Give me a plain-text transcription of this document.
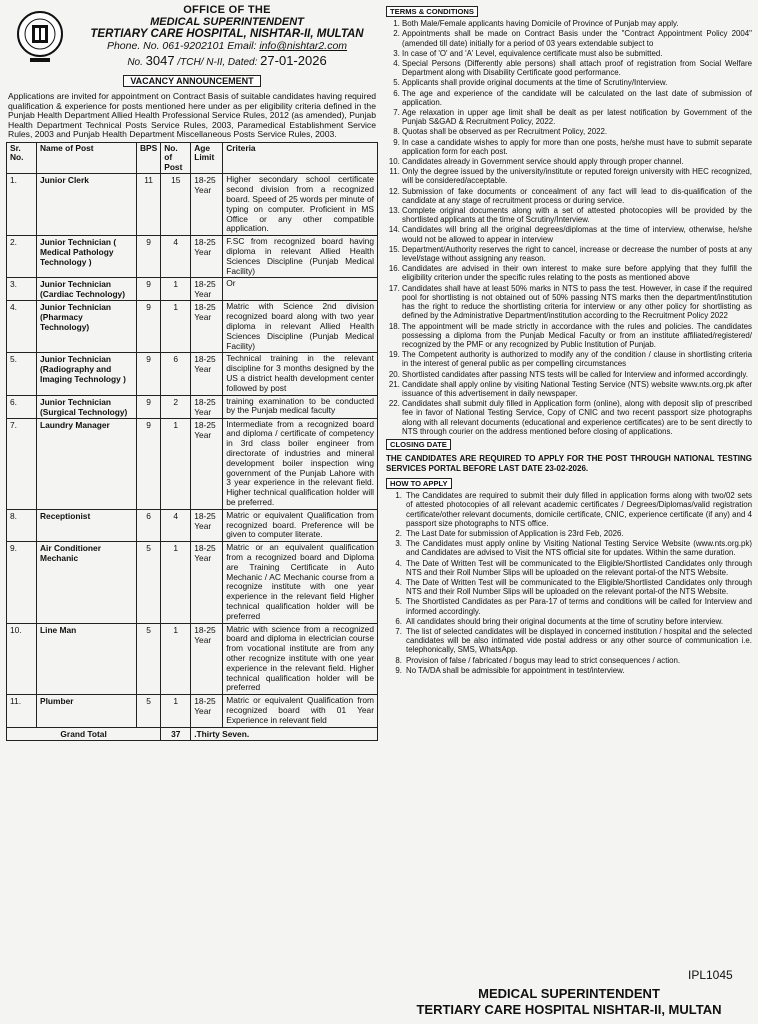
OFFICE OF THE
MEDICAL SUPERINTENDENT
TERTIARY CARE HOSPITAL, NISHTAR-II, MULTAN
Phone. No. 061-9202101 Email: info@nishtar2.com
No. 3047 /TCH/ N-II, Dated: 27-01-2026
VACANCY ANNOUNCEMENT
Applications are invited for appointment on Contract Basis of suitable candidates having required qualification & experience for posts mentioned here under as per eligibility criteria defined in the Punjab Health Department Allied Health Professional Service Rules, 2012 (as amended), Punjab Health Department Technical Posts Service Rules, 2003, Paramedical Establishment Service Rules, 2003 and Punjab Health Department Miscellaneous Posts Service Rules, 2003.
Sr. No.	Name of Post	BPS	No. of Post	Age Limit	Criteria
1.	Junior Clerk	11	15	18-25 Year	Higher secondary school certificate second division from a recognized board. Speed of 25 words per minute of typing on computer. Proficient in MS Office or any other compatible application.
2.	Junior Technician ( Medical Pathology Technology )	9	4	18-25 Year	F.SC from recognized board having diploma in relevant Allied Health Sciences Discipline (Punjab Medical Facility)
3.	Junior Technician (Cardiac Technology)	9	1	18-25 Year	Or
4.	Junior Technician (Pharmacy Technology)	9	1	18-25 Year	Matric with Science 2nd division recognized board along with two year diploma in relevant Allied Health Sciences Discipline (Punjab Medical Facility)
5.	Junior Technician (Radiography and Imaging Technology )	9	6	18-25 Year	Technical training in the relevant discipline for 3 months designed by the US a district health development center followed by post
6.	Junior Technician (Surgical Technology)	9	2	18-25 Year	training examination to be conducted by the Punjab medical faculty
7.	Laundry Manager	9	1	18-25 Year	Intermediate from a recognized board and diploma / certificate of competency in 3rd class boiler engineer from directorate of industries and mineral development boiler inspection wing government of the Punjab Lahore with 3 year experience in the relevant field. Higher technical qualification holder will be preferred.
8.	Receptionist	6	4	18-25 Year	Matric or equivalent Qualification from recognized board. Preference will be given to computer literate.
9.	Air Conditioner Mechanic	5	1	18-25 Year	Matric or an equivalent qualification from a recognized board and Diploma are Training Certificate in Auto Mechanic / AC Mechanic course from a recognize institute with one year experience in the relevant field Higher technical qualification holder will be preferred
10.	Line Man	5	1	18-25 Year	Matric with science from a recognized board and diploma in electrician course from vocational institute are from any other recognize institute with one year experience in the relevant field. Higher technical qualification holder will be preferred
11.	Plumber	5	1	18-25 Year	Matric or equivalent Qualification from recognized board with 01 Year Experience in relevant field
Grand Total			37	.Thirty Seven.	
TERMS & CONDITIONS
1. Both Male/Female applicants having Domicile of Province of Punjab may apply.
2. Appointments shall be made on Contract Basis under the "Contract Appointment Policy 2004" (amended till date) initially for a period of 03 years extendable subject to
3. In case of 'O' and 'A' Level, equivalence certificate must also be submitted.
4. Special Persons (Differently able persons) shall attach proof of registration from Social Welfare Department along with Disability Certificate good performance.
5. Applicants shall provide original documents at the time of Scrutiny/Interview.
6. The age and experience of the candidate will be calculated on the last date of submission of application.
7. Age relaxation in upper age limit shall be dealt as per latest notification by Government of the Punjab S&GAD & Recruitment Policy, 2022.
8. Quotas shall be observed as per Recruitment Policy, 2022.
9. In case a candidate wishes to apply for more than one posts, he/she must have to submit separate application form for each post.
10. Candidates already in Government service should apply through proper channel.
11. Only the degree issued by the university/institute or reputed foreign university with HEC recognized, will be considered/acceptable.
12. Submission of fake documents or concealment of any fact will lead to dis-qualification of the candidate at any stage of recruitment process or during service.
13. Complete original documents along with a set of attested photocopies will be provided by the shortlisted applicants at the time of Scrutiny/Interview.
14. Candidates will bring all the original degrees/diplomas at the time of interview, otherwise, he/she would not be allowed to appear in interview
15. Department/Authority reserves the right to cancel, increase or decrease the number of posts at any level/stage without assigning any reason.
16. Candidates are advised in their own interest to make sure before applying that they fulfill the eligibility criterion under the specific rules relating to the posts as mentioned above
17. Candidates shall have at least 50% marks in NTS to pass the test. However, in case if the required pool for shortlisting is not obtained out of 50% passing NTS marks then the department/institution has the right to reduce the shortlisting criteria for interview or any other policy for shortlisting as defined by the Administrative Department/institution according to the Recruitment Policy 2022
18. The appointment will be made strictly in accordance with the rules and policies. The candidates possessing a diploma from the Punjab Medical Faculty or from an institute affiliated/registered/ recognized by the PMF or any recognized by Public Institution of Punjab.
19. The Competent authority is authorized to modify any of the condition / clause in shortlisting criteria in the interest of general public as per compelling circumstances
20. Shortlisted candidates after passing NTS tests will be called for Interview and informed accordingly.
21. Candidate shall apply online by visiting National Testing Service (NTS) website www.nts.org.pk after issuance of this advertisement in daily newspaper.
22. Candidates shall submit duly filled in Application form (online), along with deposit slip of prescribed fee in favor of National Testing Service, Copy of CNIC and two recent passport size photographs along with all relevant documents (educational and experience certificates) are to be sent directly to NTS through courier on the address mentioned before closing of applications.
CLOSING DATE
THE CANDIDATES ARE REQUIRED TO APPLY FOR THE POST THROUGH NATIONAL TESTING SERVICES PORTAL BEFORE LAST DATE 23-02-2026.
HOW TO APPLY
1. The Candidates are required to submit their duly filled in application forms along with two/02 sets of attested photocopies of all relevant academic certificates / Degrees/Diplomas/valid registration certificate/other relevant documents, domicile certificate, CNIC, experience certificate (if any) and 4 passport size photographs to NTS office.
2. The Last Date for submission of Application is 23rd Feb, 2026.
3. The Candidates must apply online by Visiting National Testing Service Website (www.nts.org.pk) and Candidates are advised to Visit the NTS official site for updates. Within the same duration.
4. The Date of Written Test will be communicated to the Eligible/Shortlisted Candidates only through NTS and their Roll Number Slips will be uploaded on the relevant portal-of the NTS Website.
4. The Date of Written Test will be communicated to the Eligible/Shortlisted Candidates only through NTS and their Roll Number Slips will be uploaded on the relevant portal-of the NTS Website.
5. The Shortlisted Candidates as per Para-17 of terms and conditions will be called for Interview and informed accordingly.
6. All candidates should bring their original documents at the time of scrutiny before interview.
7. The list of selected candidates will be displayed in concerned institution / hospital and the selected candidates will be also intimated vide postal address or any other source of communication i.e. telephonically, SMS, WhatsApp.
8. Provision of false / fabricated / bogus may lead to strict consequences / action.
9. No TA/DA shall be admissible for appointment in test/interview.
IPL1045
MEDICAL SUPERINTENDENT
TERTIARY CARE HOSPITAL NISHTAR-II, MULTAN
